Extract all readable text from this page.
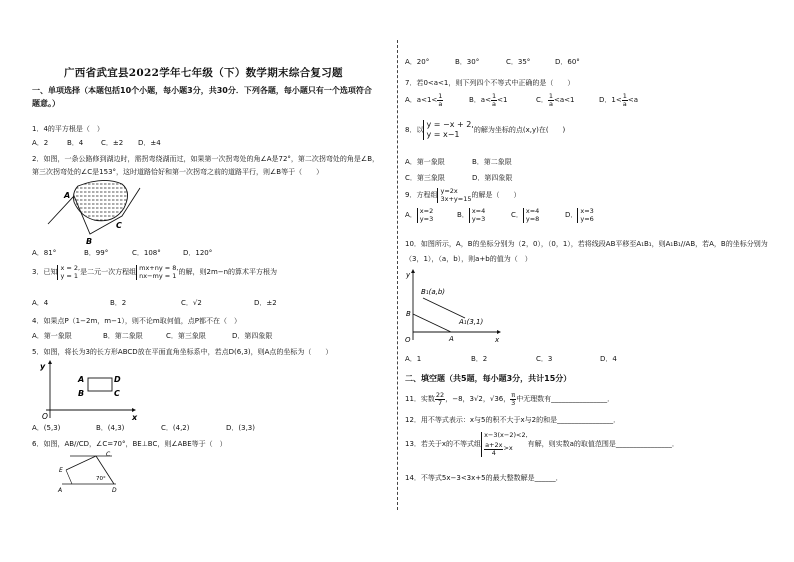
广西省武宜县2022学年七年级（下）数学期末综合复习题
一、单项选择（本题包括10个小题，每小题3分，共30分．下列各题，每小题只有一个选项符合
题意。）
1．4的平方根是（　）
A．2	B．4	C．±2 D．±4
2．如图，一条公路修到湖边时，需拐弯绕湖而过，如果第一次拐弯处的角∠A是72°，第二次拐弯处的角是∠B，
第三次拐弯处的∠C是153°，这时道路恰好和第一次拐弯之前的道路平行，则∠B等于（　　）
A
B
C
A．81°	B．99°	C．108°	D．120°
3．已知 x = 2,
y = 1 是二元一次方程组 mx+ny = 8,
nx−my = 1 的解，则2m−n的算术平方根为
A．4	B．2	C．√2	D．±2
4．如果点P（1−2m，m−1），则不论m取何值，点P都不在（　）
A．第一象限	B．第二象限	C．第三象限	D．第四象限
5．如图，将长为3的长方形ABCD放在平面直角坐标系中，若点D(6,3)，则A点的坐标为（　　）
y
x
O
A
B
D
C
A．(5,3)	B．(4,3)	C．(4,2)	D．(3,3)
6．如图，AB//CD，∠C=70°，BE⊥BC，则∠ABE等于（　）
E
C
70°
A	D
A．20°	B．30°	C．35°	D．60°
7．若0<a<1，则下列四个不等式中正确的是（　　）
A．$a<1< \frac{1}{a}$	B．$a< \frac{1}{a} <1$	C． $\frac{1}{a} <a<1$	D．$1< \frac{1}{a} <a$
8．以
y = −x + 2,
y = x−1
的解为坐标的点(x,y)在(　　)
A．第一象限	B．第二象限
C．第三象限	D．第四象限
9．方程组 y=2x
3x+y=15 的解是（　　）
A． x=2
y=3	B． x=4
y=3	C． x=4
y=8	D． x=3
y=6
10．如图所示，A，B的坐标分别为（2，0），（0，1），若将线段AB平移至A₁B₁，则A₁B₁//AB，若A，B的坐标分别为
（3，1），（a，b），则a+b的值为（　）
y
x
O
B
A
B₁(a,b)
A₁(3,1)
A．1	B．2	C．3	D．4
二、填空题（共5题，每小题3分，共计15分）
11．实数 $\frac{22}{7}$ ，−8，3√2，√36， $\frac{\pi}{3}$ 中无理数有________________．
12．用不等式表示：x与5的积不大于x与2的和是________________．
13．若关于x的不等式组
x−3(x−2)<2,
$\frac{a+2x}{4} >x$
有解，则实数a的取值范围是________________．
14．不等式5x−3<3x+5的最大整数解是______．
